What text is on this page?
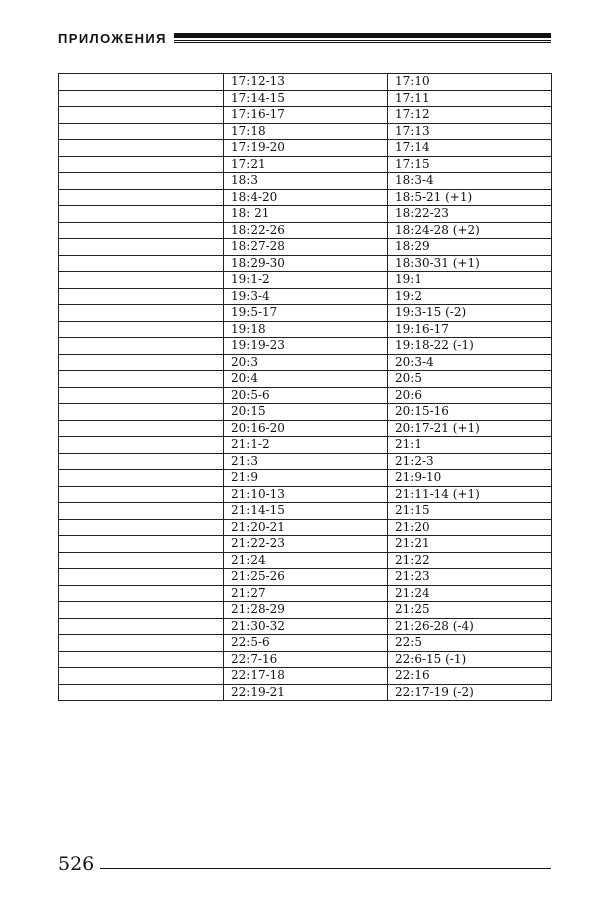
ПРИЛОЖЕНИЯ
	17:12-13	17:10
	17:14-15	17:11
	17:16-17	17:12
	17:18	17:13
	17:19-20	17:14
	17:21	17:15
	18:3	18:3-4
	18:4-20	18:5-21 (+1)
	18: 21	18:22-23
	18:22-26	18:24-28 (+2)
	18:27-28	18:29
	18:29-30	18:30-31 (+1)
	19:1-2	19:1
	19:3-4	19:2
	19:5-17	19:3-15 (-2)
	19:18	19:16-17
	19:19-23	19:18-22 (-1)
	20:3	20:3-4
	20:4	20:5
	20:5-6	20:6
	20:15	20:15-16
	20:16-20	20:17-21 (+1)
	21:1-2	21:1
	21:3	21:2-3
	21:9	21:9-10
	21:10-13	21:11-14 (+1)
	21:14-15	21:15
	21:20-21	21:20
	21:22-23	21:21
	21:24	21:22
	21:25-26	21:23
	21:27	21:24
	21:28-29	21:25
	21:30-32	21:26-28 (-4)
	22:5-6	22:5
	22:7-16	22:6-15 (-1)
	22:17-18	22:16
	22:19-21	22:17-19 (-2)
526
